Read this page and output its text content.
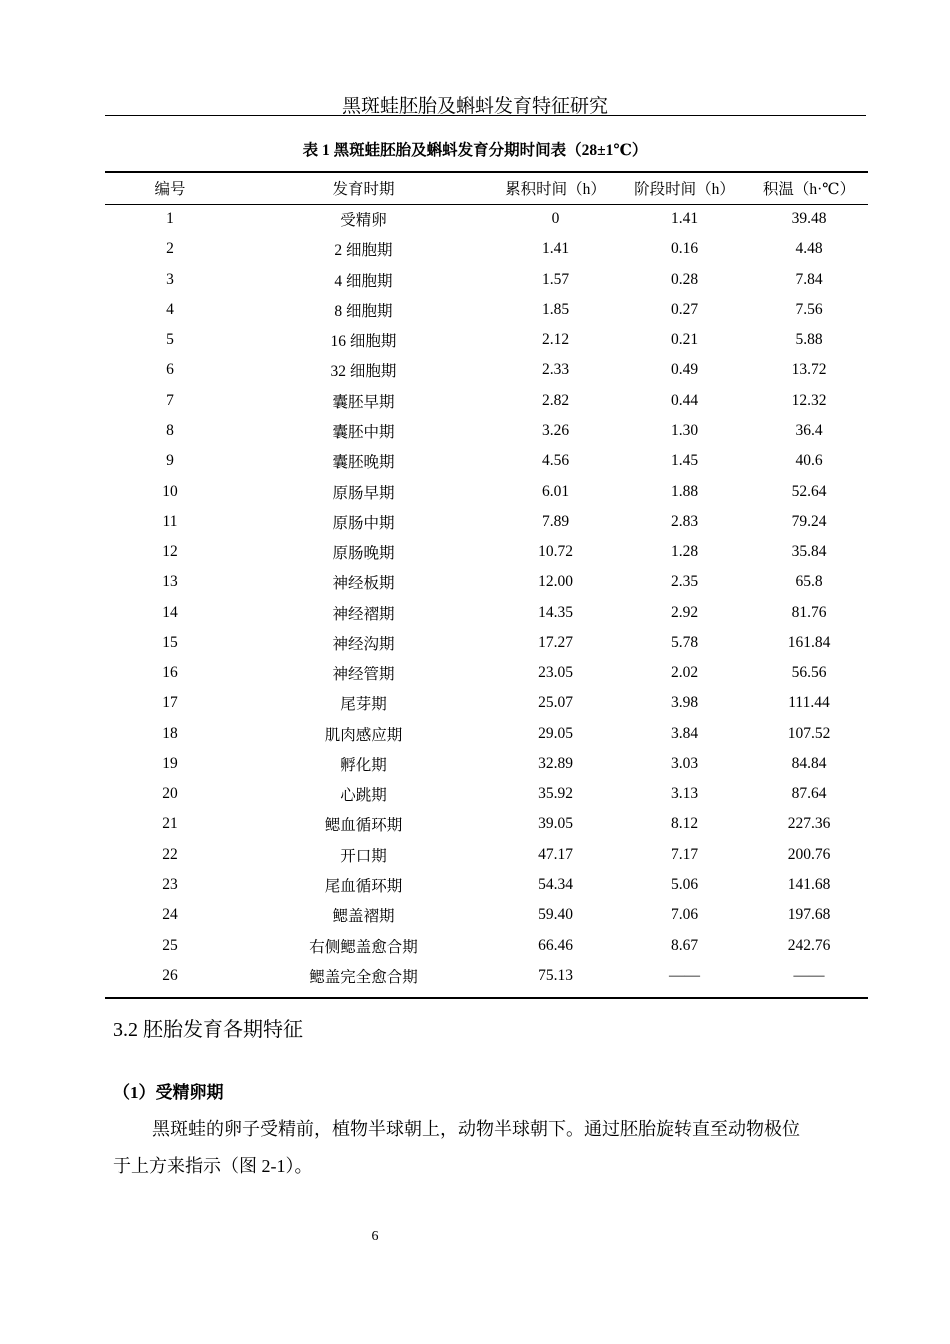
黑斑蛙胚胎及蝌蚪发育特征研究
表 1 黑斑蛙胚胎及蝌蚪发育分期时间表（28±1℃）
编号	发育时期	累积时间（h）	阶段时间（h）	积温（h·℃）
1	受精卵	0	1.41	39.48
2	2 细胞期	1.41	0.16	4.48
3	4 细胞期	1.57	0.28	7.84
4	8 细胞期	1.85	0.27	7.56
5	16 细胞期	2.12	0.21	5.88
6	32 细胞期	2.33	0.49	13.72
7	囊胚早期	2.82	0.44	12.32
8	囊胚中期	3.26	1.30	36.4
9	囊胚晚期	4.56	1.45	40.6
10	原肠早期	6.01	1.88	52.64
11	原肠中期	7.89	2.83	79.24
12	原肠晚期	10.72	1.28	35.84
13	神经板期	12.00	2.35	65.8
14	神经褶期	14.35	2.92	81.76
15	神经沟期	17.27	5.78	161.84
16	神经管期	23.05	2.02	56.56
17	尾芽期	25.07	3.98	111.44
18	肌肉感应期	29.05	3.84	107.52
19	孵化期	32.89	3.03	84.84
20	心跳期	35.92	3.13	87.64
21	鳃血循环期	39.05	8.12	227.36
22	开口期	47.17	7.17	200.76
23	尾血循环期	54.34	5.06	141.68
24	鳃盖褶期	59.40	7.06	197.68
25	右侧鳃盖愈合期	66.46	8.67	242.76
26	鳃盖完全愈合期	75.13	——	——
3.2 胚胎发育各期特征
（1）受精卵期
黑斑蛙的卵子受精前，植物半球朝上，动物半球朝下。通过胚胎旋转直至动物极位
于上方来指示（图 2-1）。
6
